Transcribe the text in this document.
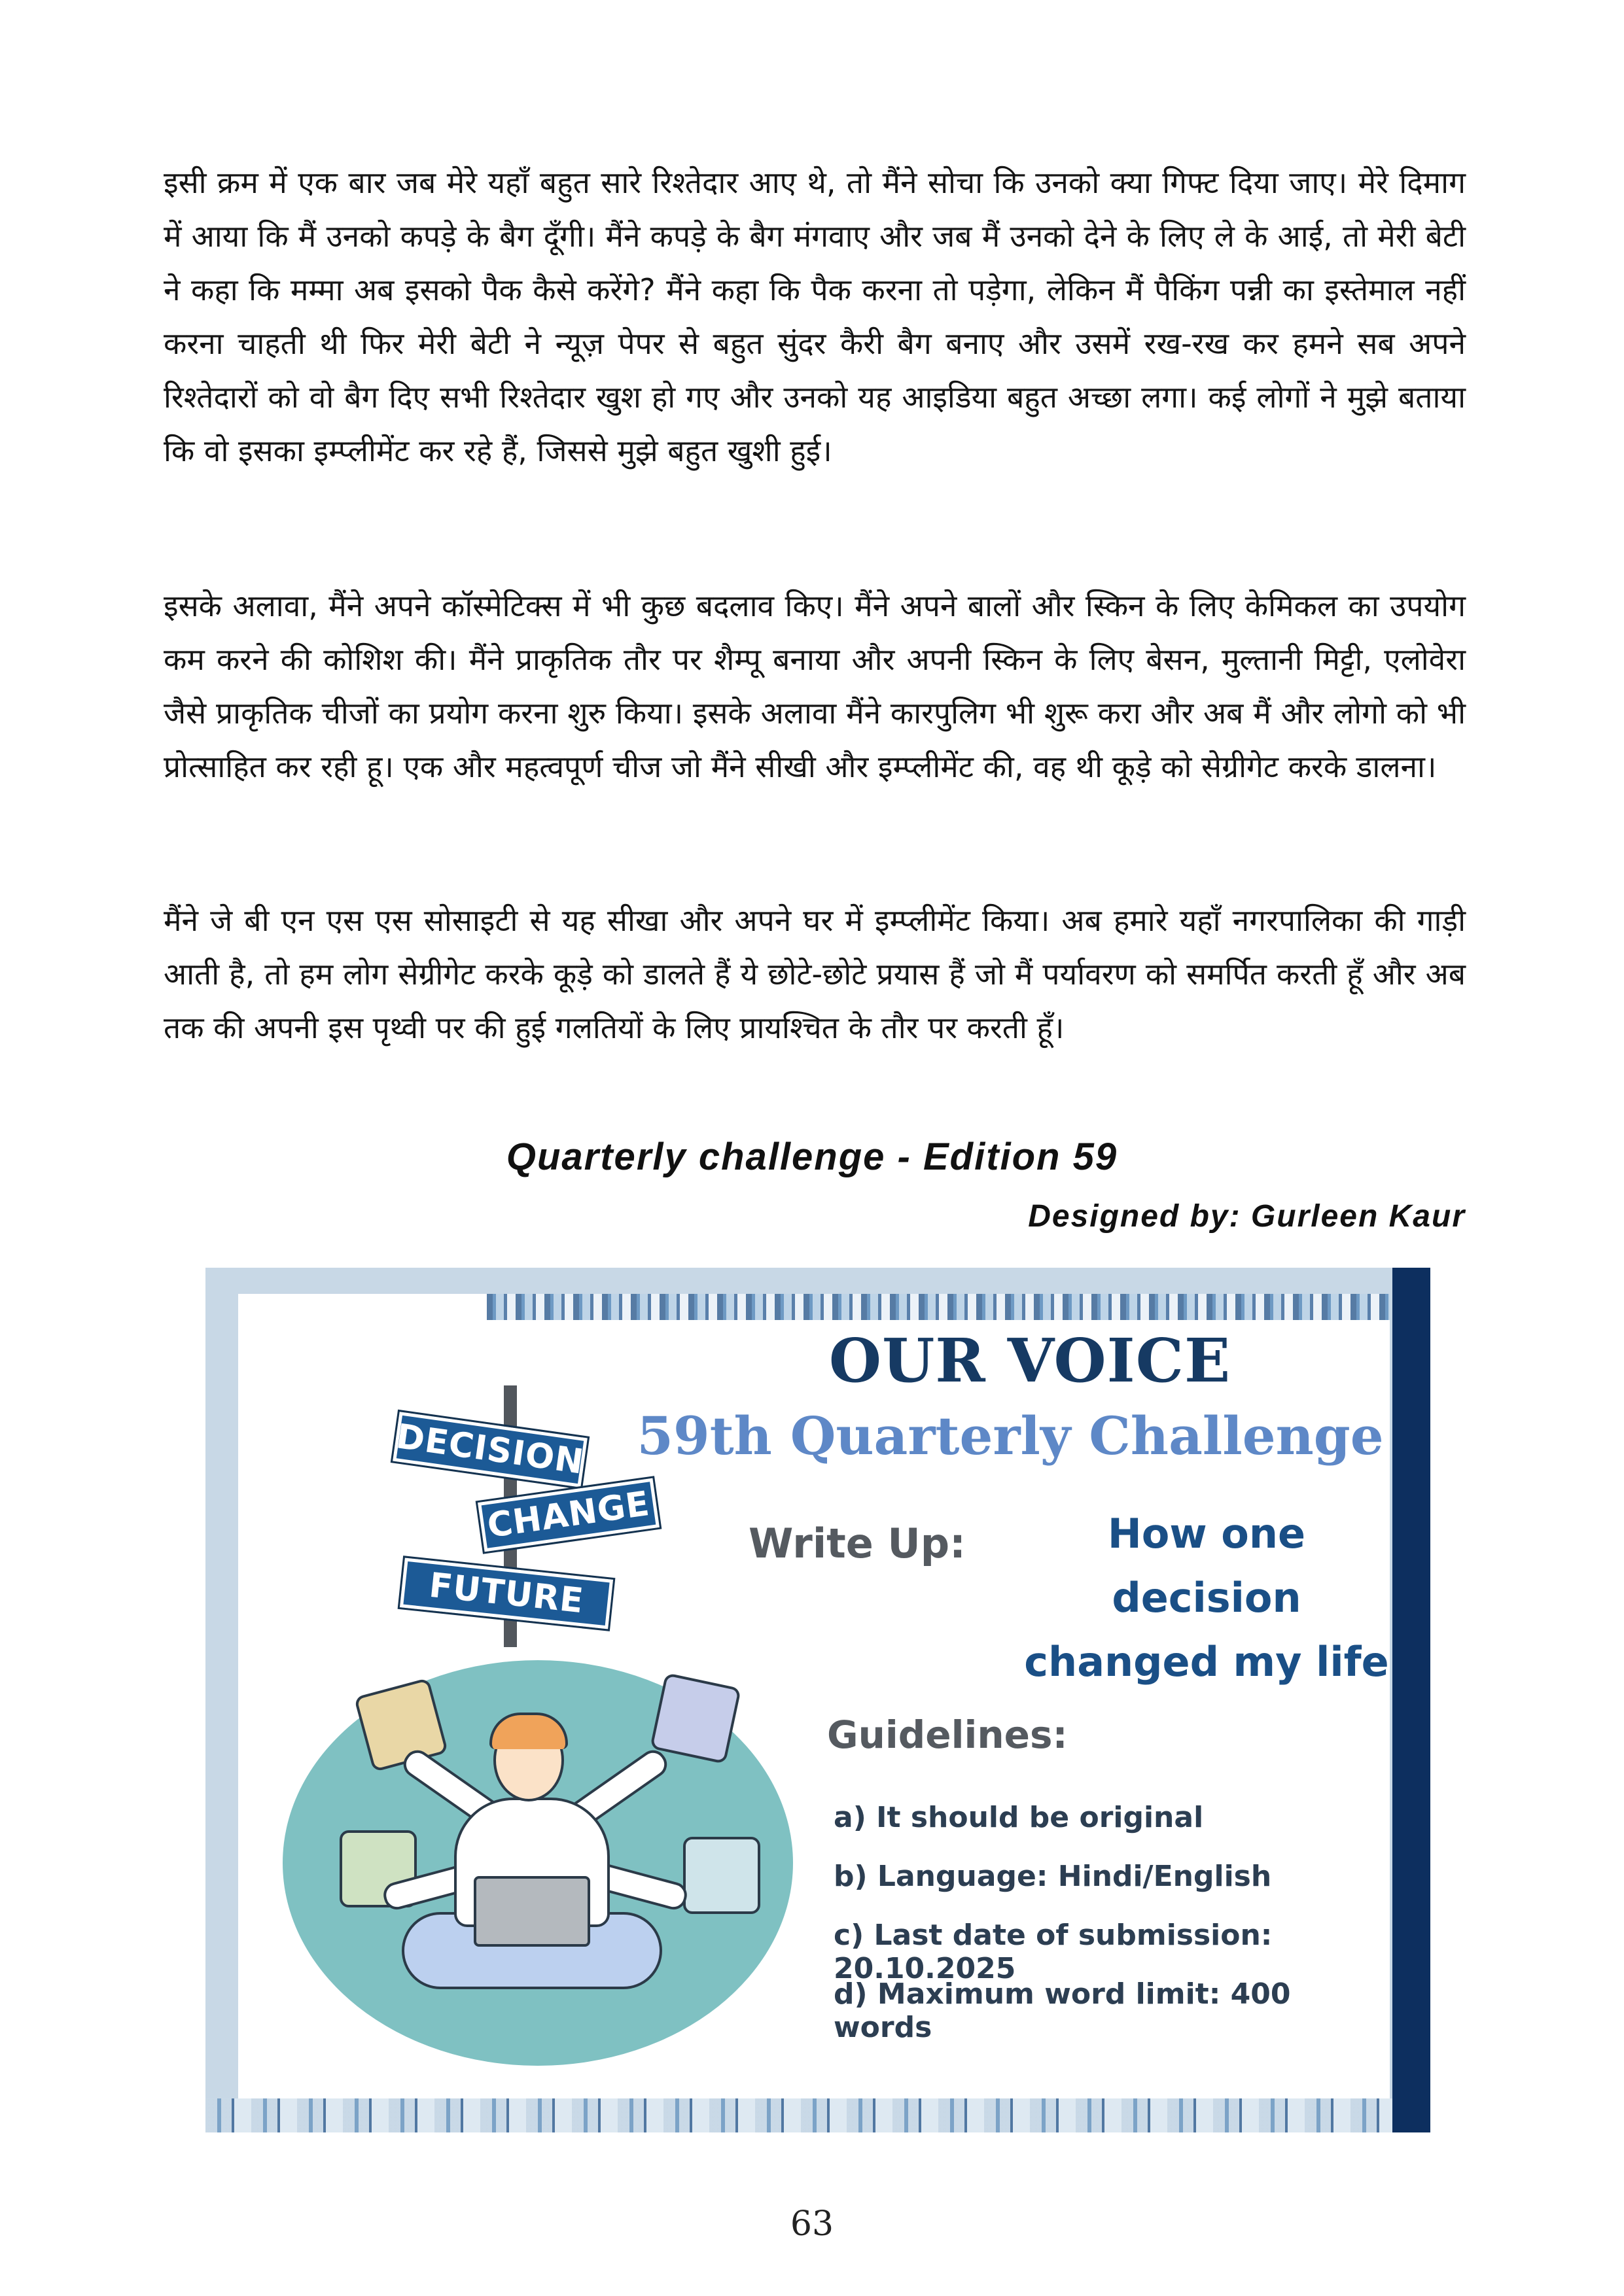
इसी क्रम में एक बार जब मेरे यहाँ बहुत सारे रिश्तेदार आए थे, तो मैंने सोचा कि उनको क्या गिफ्ट दिया जाए। मेरे दिमाग में आया कि मैं उनको कपड़े के बैग दूँगी। मैंने कपड़े के बैग मंगवाए और जब मैं उनको देने के लिए ले के आई, तो मेरी बेटी ने कहा कि मम्मा अब इसको पैक कैसे करेंगे? मैंने कहा कि पैक करना तो पड़ेगा, लेकिन मैं पैकिंग पन्नी का इस्तेमाल नहीं करना चाहती थी फिर मेरी बेटी ने न्यूज़ पेपर से बहुत सुंदर कैरी बैग बनाए और उसमें रख-रख कर हमने सब अपने रिश्तेदारों को वो बैग दिए सभी रिश्तेदार खुश हो गए और उनको यह आइडिया बहुत अच्छा लगा। कई लोगों ने मुझे बताया कि वो इसका इम्प्लीमेंट कर रहे हैं, जिससे मुझे बहुत खुशी हुई।

इसके अलावा, मैंने अपने कॉस्मेटिक्स में भी कुछ बदलाव किए। मैंने अपने बालों और स्किन के लिए केमिकल का उपयोग कम करने की कोशिश की। मैंने प्राकृतिक तौर पर शैम्पू बनाया और अपनी स्किन के लिए बेसन, मुल्तानी मिट्टी, एलोवेरा जैसे प्राकृतिक चीजों का प्रयोग करना शुरु किया। इसके अलावा मैंने कारपुलिग भी शुरू करा और अब मैं और लोगो को भी प्रोत्साहित कर रही हू। एक और महत्वपूर्ण चीज जो मैंने सीखी और इम्प्लीमेंट की, वह थी कूड़े को सेग्रीगेट करके डालना।

मैंने जे बी एन एस एस सोसाइटी से यह सीखा और अपने घर में इम्प्लीमेंट किया। अब हमारे यहाँ नगरपालिका की गाड़ी आती है, तो हम लोग सेग्रीगेट करके कूड़े को डालते हैं ये छोटे-छोटे प्रयास हैं जो मैं पर्यावरण को समर्पित करती हूँ और अब तक की अपनी इस पृथ्वी पर की हुई गलतियों के लिए प्रायश्चित के तौर पर करती हूँ।

Quarterly challenge - Edition 59
Designed by: Gurleen Kaur
DECISION
CHANGE
FUTURE
OUR VOICE
59th Quarterly Challenge
Write Up:	How one decision changed my life
Guidelines:
a) It should be original
b) Language: Hindi/English
c) Last date of submission: 20.10.2025
d) Maximum word limit: 400 words
63
